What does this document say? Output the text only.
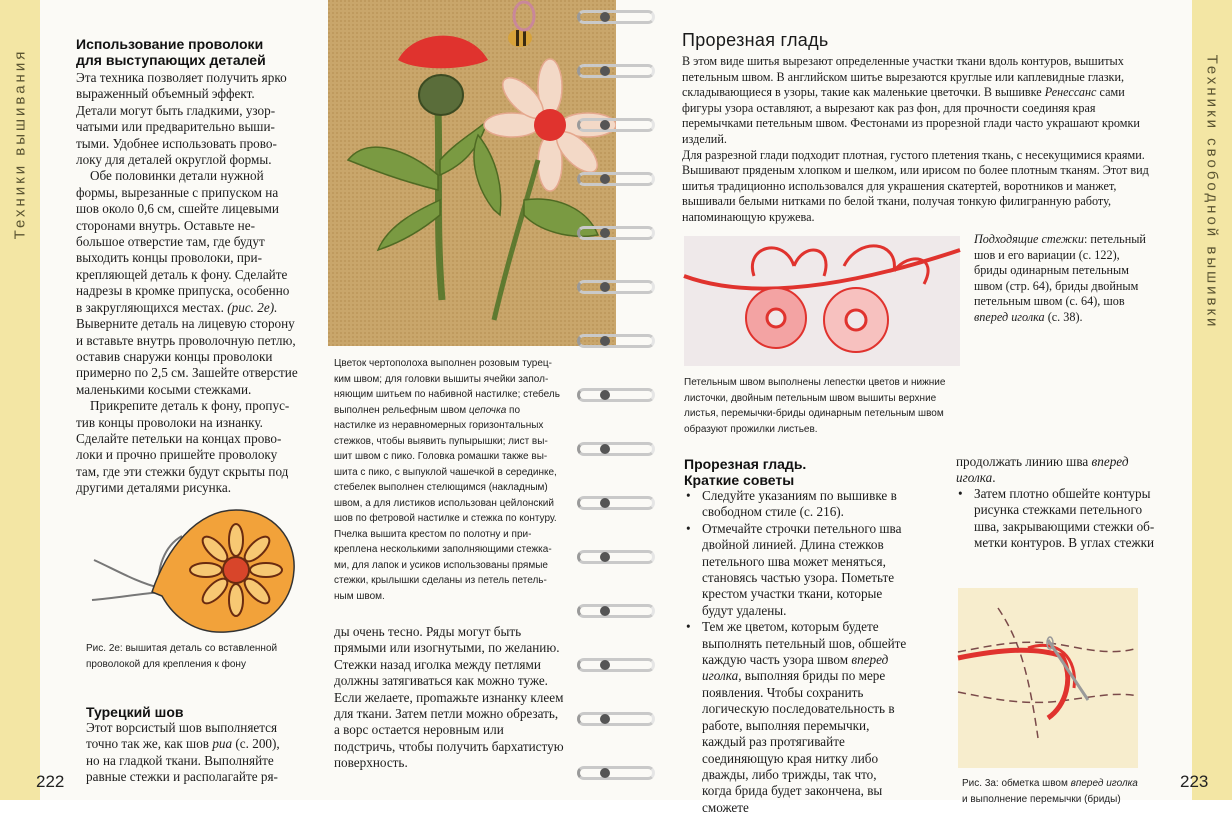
Техники вышивания
Использование проволоки
для выступающих деталей

Эта техника позволяет получить ярко выраженный объемный эффект. Детали могут быть гладкими, узорчатыми или предварительно вышитыми. Удобнее использовать проволоку для деталей округлой формы.

Обе половинки детали нужной формы, вырезанные с припуском на шов около 0,6 см, сшейте лицевыми сторонами внутрь. Оставьте небольшое отверстие там, где будут выходить концы проволоки, прикрепляющей деталь к фону. Сделайте надрезы в кромке припуска, особенно в закругляющихся местах. (рис. 2е). Выверните деталь на лицевую сторону и вставьте внутрь проволочную петлю, оставив снаружи концы проволоки примерно по 2,5 см. Зашейте отверстие маленькими косыми стежками.

Прикрепите деталь к фону, пропустив концы проволоки на изнанку. Сделайте петельки на концах проволоки и прочно пришейте проволоку там, где эти стежки будут скрыты под другими деталями рисунка.

Рис. 2е: вышитая деталь со вставленной проволокой для крепления к фону
Турецкий шов
Этот ворсистый шов выполняется точно так же, как шов риа (с. 200), но на гладкой ткани. Выполняйте равные стежки и располагайте ря-
222
Цветок чертополоха выполнен розовым турецким швом; для головки вышиты ячейки заполняющим шитьем по набивной настилке; стебель выполнен рельефным швом цепочка по настилке из неравномерных горизонтальных стежков, чтобы выявить пупырышки; лист вышит швом с пико. Головка ромашки также вышита с пико, с выпуклой чашечкой в серединке, стебелек выполнен стелющимся (накладным) швом, а для листиков использован цейлонский шов по фетровой настилке и стежка по контуру. Пчелка вышита крестом по полотну и прикреплена несколькими заполняющими стежками, для лапок и усиков использованы прямые стежки, крылышки сделаны из петель петельным швом.
ды очень тесно. Ряды могут быть прямыми или изогнутыми, по желанию. Стежки назад иголка между петлями должны затягиваться как можно туже. Если желаете, проmажьте изнанку клеем для ткани. Затем петли можно обрезать, а ворс остается неровным или подстричь, чтобы получить бархатистую поверхность.
Техники свободной вышивки
Прорезная гладь

В этом виде шитья вырезают определенные участки ткани вдоль контуров, вышитых петельным швом. В английском шитье вырезаются круглые или каплевидные глазки, складывающиеся в узоры, такие как маленькие цветочки. В вышивке Ренессанс сами фигуры узора оставляют, а вырезают как раз фон, для прочности соединяя края перемычками петельным швом. Фестонами из прорезной глади часто украшают кромки изделий.

Для разрезной глади подходит плотная, густого плетения ткань, с несекущимися краями. Вышивают пряденым хлопком и шелком, или ирисом по более плотным тканям. Этот вид шитья традиционно использовался для украшения скатертей, воротников и манжет, вышивали белыми нитками по белой ткани, получая тонкую филигранную работу, напоминающую кружева.

Подходящие стежки: петельный шов и его вариации (с. 122), бриды одинарным петельным швом (стр. 64), бриды двойным петельным швом (с. 64), шов вперед иголка (с. 38).
Петельным швом выполнены лепестки цветов и нижние листочки, двойным петельным швом вышиты верхние листья, перемычки-бриды одинарным петельным швом образуют прожилки листьев.
Прорезная гладь.
Краткие советы
• Следуйте указаниям по вышивке в свободном стиле (с. 216).
• Отмечайте строчки петельного шва двойной линией. Длина стежков петельного шва может меняться, становясь частью узора. Пометьте крестом участки ткани, которые будут удалены.
• Тем же цветом, которым будете выполнять петельный шов, обшейте каждую часть узора швом вперед иголка, выполняя бриды по мере появления. Чтобы сохранить логическую последовательность в работе, выполняя перемычки, каждый раз протягивайте соединяющую края нитку либо дважды, либо трижды, так что, когда брида будет закончена, вы сможете
продолжать линию шва вперед иголка.
• Затем плотно обшейте контуры рисунка стежками петельного шва, закрывающими стежки обметки контуров. В углах стежки
Рис. 3а: обметка швом вперед иголка
и выполнение перемычки (бриды)
223
